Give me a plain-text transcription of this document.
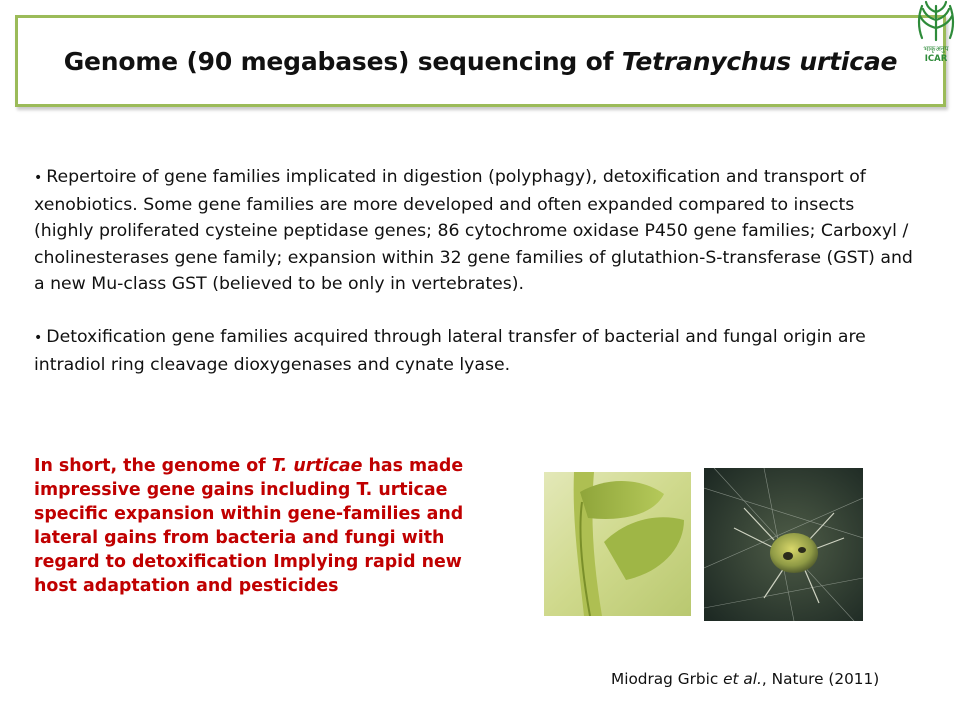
Genome (90 megabases) sequencing of Tetranychus urticae	भाकृअनुप
ICAR

• Repertoire of gene families implicated in digestion (polyphagy), detoxification and transport of xenobiotics. Some gene families are more developed and often expanded compared to insects (highly proliferated cysteine peptidase genes; 86 cytochrome oxidase P450 gene families; Carboxyl / cholinesterases gene family; expansion within 32 gene families of glutathion-S-transferase (GST) and a new Mu-class GST (believed to be only in vertebrates).

• Detoxification gene families acquired through lateral transfer of bacterial and fungal origin are intradiol ring cleavage dioxygenases and cynate lyase.

In short, the genome of T. urticae has made impressive gene gains including T. urticae specific expansion within gene-families and lateral gains from bacteria and fungi with regard to detoxification Implying rapid new host adaptation and pesticides
Miodrag Grbic et al., Nature (2011)
